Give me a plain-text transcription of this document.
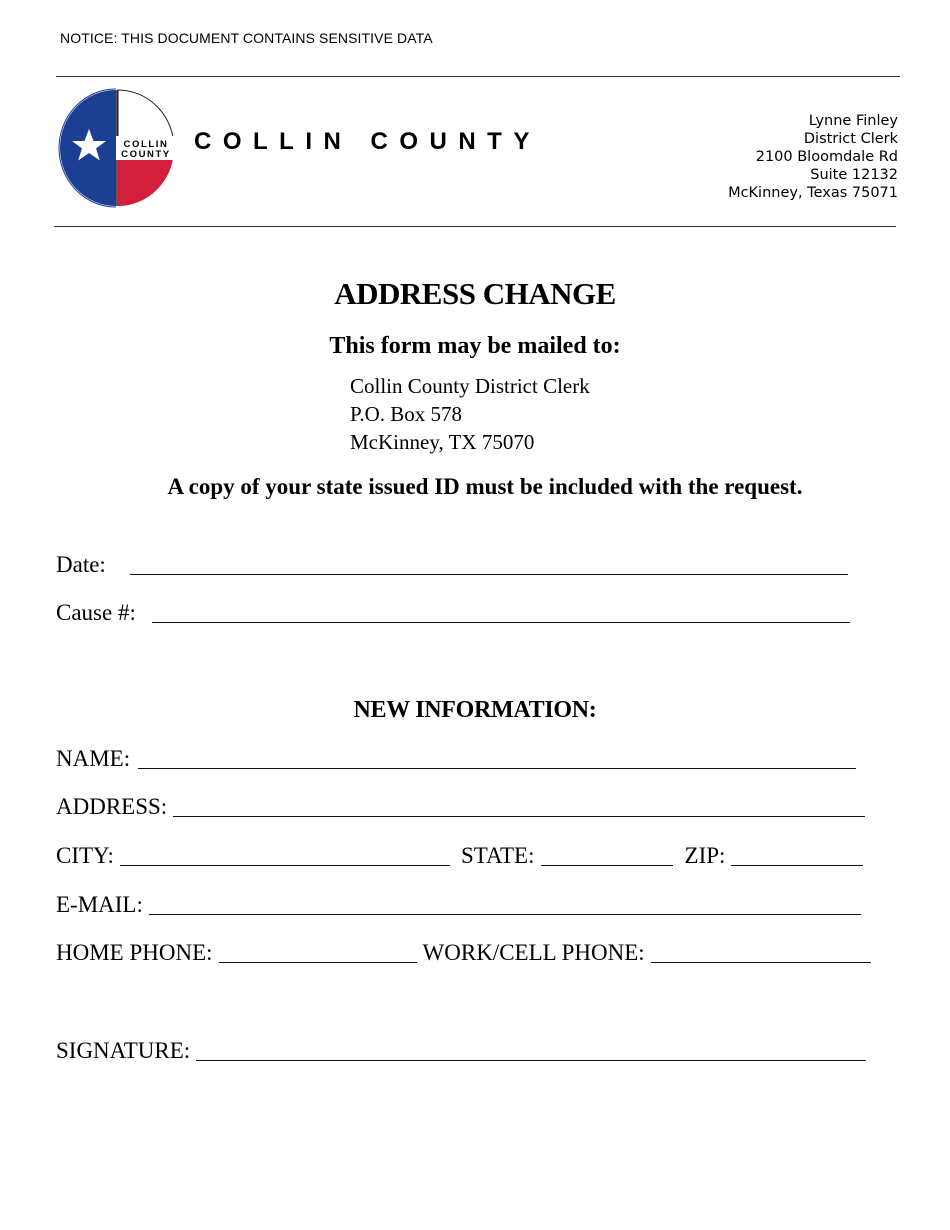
NOTICE: THIS DOCUMENT CONTAINS SENSITIVE DATA
COLLIN
COUNTY COLLIN COUNTY
Lynne Finley
District Clerk
2100 Bloomdale Rd
Suite 12132
McKinney, Texas 75071
ADDRESS CHANGE
This form may be mailed to:
Collin County District Clerk
P.O. Box 578
McKinney, TX 75070
A copy of your state issued ID must be included with the request.
Date:
Cause #:
NEW INFORMATION:
NAME:
ADDRESS:
CITY:	STATE:	ZIP:
E-MAIL:
HOME PHONE:	WORK/CELL PHONE:
SIGNATURE:
